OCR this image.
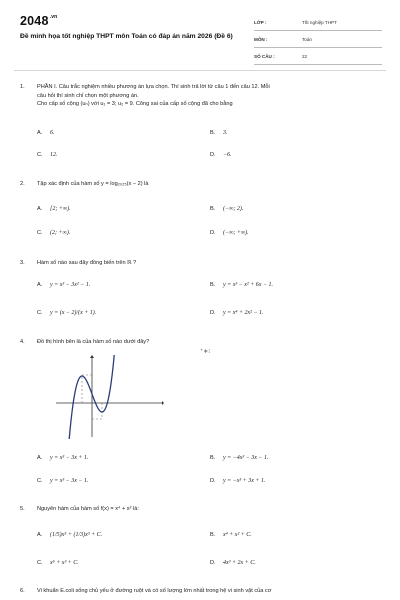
$2048^{.vn}$
Đề minh họa tốt nghiệp THPT môn Toán có đáp án năm 2026 (Đề 6)
LỚP :	Tốt nghiệp THPT
MÔN :	Toán
SỐ CÂU :	22
1. PHẦN I. Câu trắc nghiệm nhiều phương án lựa chọn. Thí sinh trả lời từ câu 1 đến câu 12. Mỗi
câu hỏi thí sinh chỉ chọn một phương án.
Cho cấp số cộng (uₙ) với u₁ = 3; u₂ = 9. Công sai của cấp số cộng đã cho bằng
A. 6.	B. 3.
C. 12.	D. −6.
2. Tập xác định của hàm số y = log₂₀₂₅(x − 2) là
A. [2; +∞).	B. (−∞; 2).
C. (2; +∞).	D. (−∞; +∞).
3. Hàm số nào sau đây đồng biến trên ℝ ?
A. y = x³ − 3x² − 1.	B. y = x³ − x² + 6x − 1.
C. y = (x − 2)/(x + 1).	D. y = x⁴ + 2x² − 1.
4. Đồ thị hình bên là của hàm số nào dưới đây?
⁺∗⁝
A. y = x³ − 3x + 1.	B. y = −4x³ − 3x − 1.
C. y = x³ − 3x − 1.	D. y = −x³ + 3x + 1.
5. Nguyên hàm của hàm số f(x) = x⁴ + x² là:
A. (1/5)x⁵ + (1/3)x³ + C.	B. x⁴ + x² + C.
C. x⁵ + x³ + C.	D. 4x³ + 2x + C.
6. Vi khuẩn E.coli sống chủ yếu ở đường ruột và có số lượng lớn nhất trong hệ vi sinh vật của cơ
